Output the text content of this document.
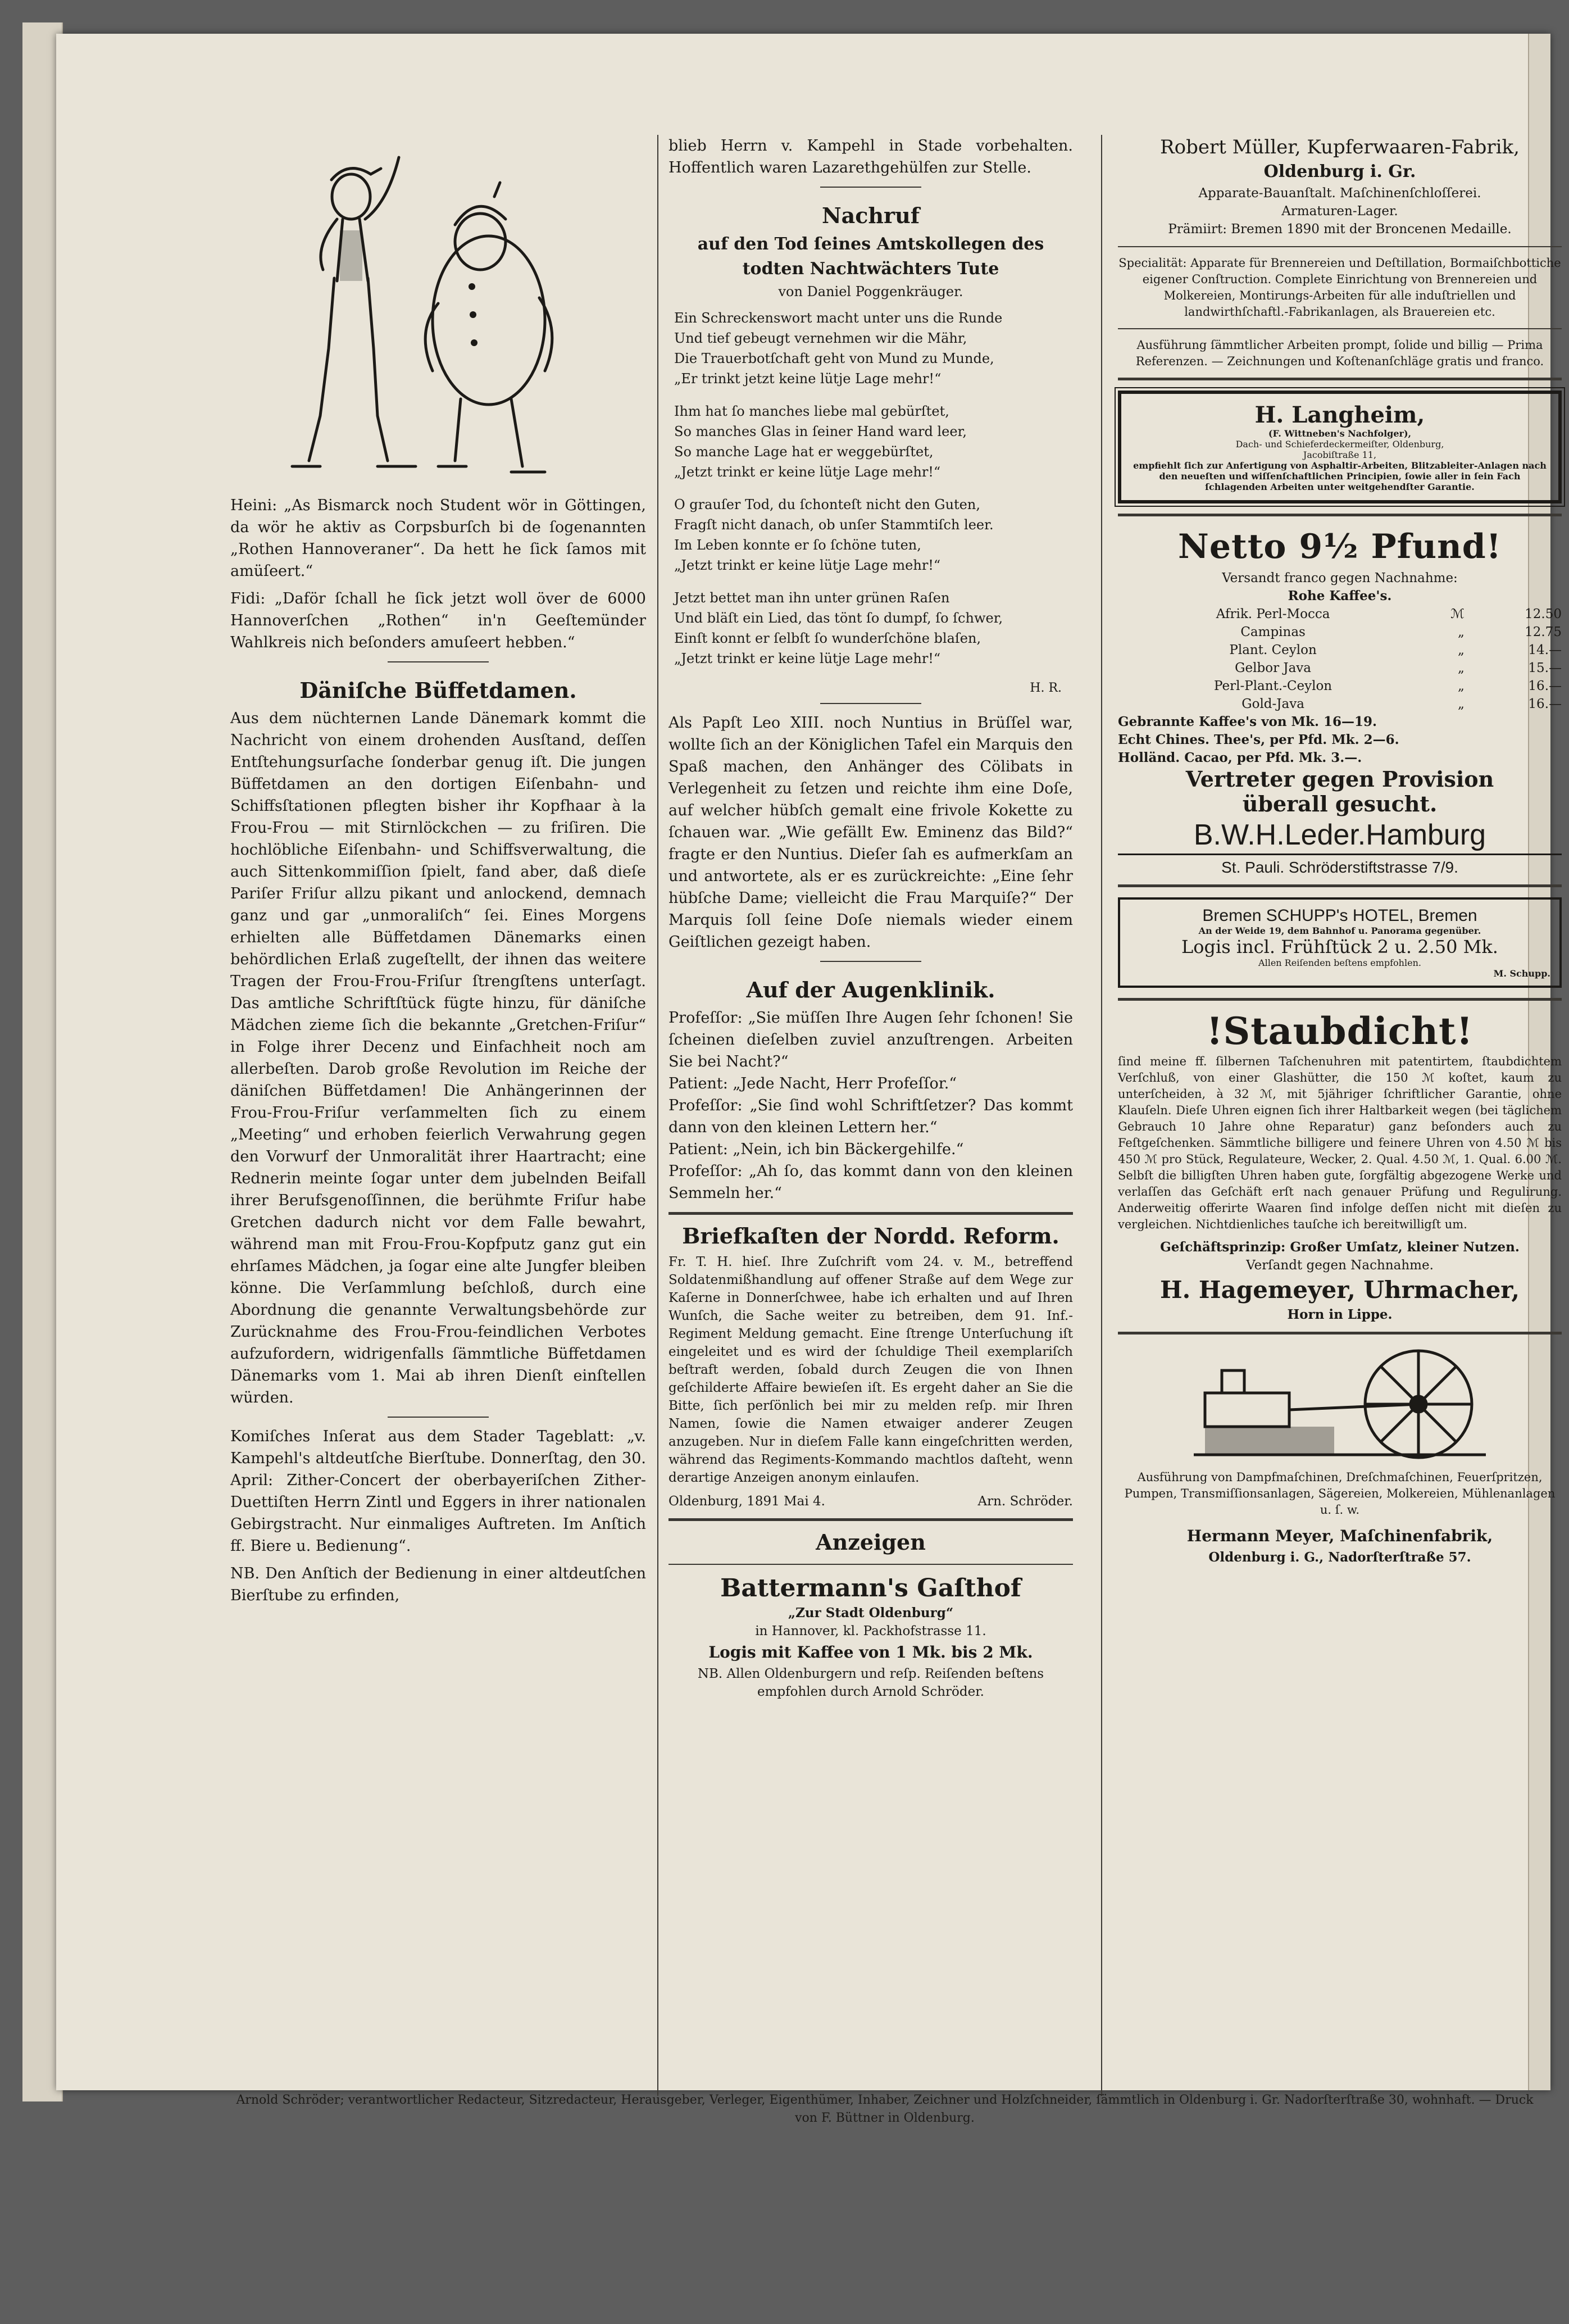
Heini: „As Bismarck noch Student wör in Göttingen, da wör he aktiv as Corpsburſch bi de ſogenannten „Rothen Hannoveraner“. Da hett he ſick ſamos mit amüſeert.“

Fidi: „Daför ſchall he ſick jetzt woll över de 6000 Hannoverſchen „Rothen“ in'n Geeſtemünder Wahlkreis nich beſonders amuſeert hebben.“

Däniſche Büffetdamen.

Aus dem nüchternen Lande Dänemark kommt die Nachricht von einem drohenden Ausſtand, deſſen Entſtehungsurſache ſonderbar genug iſt. Die jungen Büffetdamen an den dortigen Eiſenbahn- und Schiffsſtationen pflegten bisher ihr Kopfhaar à la Frou-Frou — mit Stirnlöckchen — zu friſiren. Die hochlöbliche Eiſenbahn- und Schiffsverwaltung, die auch Sittenkommiſſion ſpielt, fand aber, daß dieſe Pariſer Friſur allzu pikant und anlockend, demnach ganz und gar „unmoraliſch“ ſei. Eines Morgens erhielten alle Büffetdamen Dänemarks einen behördlichen Erlaß zugeſtellt, der ihnen das weitere Tragen der Frou-Frou-Friſur ſtrengſtens unterſagt. Das amtliche Schriftſtück fügte hinzu, für däniſche Mädchen zieme ſich die bekannte „Gretchen-Friſur“ in Folge ihrer Decenz und Einfachheit noch am allerbeſten. Darob große Revolution im Reiche der däniſchen Büffetdamen! Die Anhängerinnen der Frou-Frou-Friſur verſammelten ſich zu einem „Meeting“ und erhoben feierlich Verwahrung gegen den Vorwurf der Unmoralität ihrer Haartracht; eine Rednerin meinte ſogar unter dem jubelnden Beifall ihrer Berufsgenoſſinnen, die berühmte Friſur habe Gretchen dadurch nicht vor dem Falle bewahrt, während man mit Frou-Frou-Kopfputz ganz gut ein ehrſames Mädchen, ja ſogar eine alte Jungfer bleiben könne. Die Verſammlung beſchloß, durch eine Abordnung die genannte Verwaltungsbehörde zur Zurücknahme des Frou-Frou-feindlichen Verbotes aufzufordern, widrigenfalls ſämmtliche Büffetdamen Dänemarks vom 1. Mai ab ihren Dienſt einſtellen würden.

Komiſches Inſerat aus dem Stader Tageblatt: „v. Kampehl's altdeutſche Bierſtube. Donnerſtag, den 30. April: Zither-Concert der oberbayeriſchen Zither-Duettiſten Herrn Zintl und Eggers in ihrer nationalen Gebirgstracht. Nur einmaliges Auftreten. Im Anſtich ff. Biere u. Bedienung“.

NB. Den Anſtich der Bedienung in einer altdeutſchen Bierſtube zu erfinden,

blieb Herrn v. Kampehl in Stade vorbehalten. Hoffentlich waren Lazarethgehülfen zur Stelle.

Nachruf
auf den Tod ſeines Amtskollegen des
todten Nachtwächters Tute
von Daniel Poggenkräuger.
Ein Schreckenswort macht unter uns die Runde
Und tief gebeugt vernehmen wir die Mähr,
Die Trauerbotſchaft geht von Mund zu Munde,
„Er trinkt jetzt keine lütje Lage mehr!“
Ihm hat ſo manches liebe mal gebürſtet,
So manches Glas in ſeiner Hand ward leer,
So manche Lage hat er weggebürſtet,
„Jetzt trinkt er keine lütje Lage mehr!“
O grauſer Tod, du ſchonteſt nicht den Guten,
Fragſt nicht danach, ob unſer Stammtiſch leer.
Im Leben konnte er ſo ſchöne tuten,
„Jetzt trinkt er keine lütje Lage mehr!“
Jetzt bettet man ihn unter grünen Raſen
Und bläſt ein Lied, das tönt ſo dumpf, ſo ſchwer,
Einſt konnt er ſelbſt ſo wunderſchöne blaſen,
„Jetzt trinkt er keine lütje Lage mehr!“
H. R.

Als Papſt Leo XIII. noch Nuntius in Brüſſel war, wollte ſich an der Königlichen Tafel ein Marquis den Spaß machen, den Anhänger des Cölibats in Verlegenheit zu ſetzen und reichte ihm eine Doſe, auf welcher hübſch gemalt eine frivole Kokette zu ſchauen war. „Wie gefällt Ew. Eminenz das Bild?“ fragte er den Nuntius. Dieſer ſah es aufmerkſam an und antwortete, als er es zurückreichte: „Eine ſehr hübſche Dame; vielleicht die Frau Marquiſe?“ Der Marquis ſoll ſeine Doſe niemals wieder einem Geiſtlichen gezeigt haben.

Auf der Augenklinik.

Profeſſor: „Sie müſſen Ihre Augen ſehr ſchonen! Sie ſcheinen dieſelben zuviel anzuſtrengen. Arbeiten Sie bei Nacht?“

Patient: „Jede Nacht, Herr Profeſſor.“

Profeſſor: „Sie ſind wohl Schriftſetzer? Das kommt dann von den kleinen Lettern her.“

Patient: „Nein, ich bin Bäckergehilfe.“

Profeſſor: „Ah ſo, das kommt dann von den kleinen Semmeln her.“

Briefkaſten der Nordd. Reform.

Fr. T. H. hieſ. Ihre Zuſchrift vom 24. v. M., betreffend Soldatenmißhandlung auf offener Straße auf dem Wege zur Kaſerne in Donnerſchwee, habe ich erhalten und auf Ihren Wunſch, die Sache weiter zu betreiben, dem 91. Inf.-Regiment Meldung gemacht. Eine ſtrenge Unterſuchung iſt eingeleitet und es wird der ſchuldige Theil exemplariſch beſtraft werden, ſobald durch Zeugen die von Ihnen geſchilderte Affaire bewieſen iſt. Es ergeht daher an Sie die Bitte, ſich perſönlich bei mir zu melden reſp. mir Ihren Namen, ſowie die Namen etwaiger anderer Zeugen anzugeben. Nur in dieſem Falle kann eingeſchritten werden, während das Regiments-Kommando machtlos daſteht, wenn derartige Anzeigen anonym einlaufen.

Oldenburg, 1891 Mai 4.	Arn. Schröder.
Anzeigen
Battermann's Gaſthof
„Zur Stadt Oldenburg“
in Hannover, kl. Packhofstrasse 11.
Logis mit Kaffee von 1 Mk. bis 2 Mk.
NB. Allen Oldenburgern und reſp. Reiſenden beſtens empfohlen durch Arnold Schröder.
Robert Müller, Kupferwaaren-Fabrik,
Oldenburg i. Gr.
Apparate-Bauanſtalt. Maſchinenſchloſſerei.
Armaturen-Lager.
Prämiirt: Bremen 1890 mit der Broncenen Medaille.

Specialität: Apparate für Brennereien und Deſtillation, Bormaiſchbottiche eigener Conſtruction. Complete Einrichtung von Brennereien und Molkereien, Montirungs-Arbeiten für alle induſtriellen und landwirthſchaftl.-Fabrikanlagen, als Brauereien etc.

Ausführung ſämmtlicher Arbeiten prompt, ſolide und billig — Prima Referenzen. — Zeichnungen und Koſtenanſchläge gratis und franco.

H. Langheim,
(F. Wittneben's Nachfolger),
Dach- und Schieferdeckermeiſter, Oldenburg,
Jacobiſtraße 11,
empfiehlt ſich zur Anfertigung von Asphaltir-Arbeiten, Blitzableiter-Anlagen nach den neueſten und wiſſenſchaftlichen Principien, ſowie aller in ſein Fach ſchlagenden Arbeiten unter weitgehendſter Garantie.
Netto 9½ Pfund!
Versandt franco gegen Nachnahme:
Rohe Kaffee's.
Afrik. Perl-Mocca	ℳ	12.50
Campinas	„	12.75
Plant. Ceylon	„	14.—
Gelbor Java	„	15.—
Perl-Plant.-Ceylon	„	16.—
Gold-Java	„	16.—
Gebrannte Kaffee's von Mk. 16—19.
Echt Chines. Thee's, per Pfd. Mk. 2—6.
Holländ. Cacao, per Pfd. Mk. 3.—.
Vertreter gegen Provision
überall gesucht.
B.W.H.Leder.Hamburg
St. Pauli. Schröderstiftstrasse 7/9.
Bremen SCHUPP's HOTEL, Bremen
An der Weide 19, dem Bahnhof u. Panorama gegenüber.
Logis incl. Frühſtück 2 u. 2.50 Mk.
Allen Reiſenden beſtens empfohlen.
M. Schupp.
!Staubdicht!

ſind meine ff. ſilbernen Taſchenuhren mit patentirtem, ſtaubdichtem Verſchluß, von einer Glashütter, die 150 ℳ koſtet, kaum zu unterſcheiden, à 32 ℳ, mit 5jähriger ſchriftlicher Garantie, ohne Klauſeln. Dieſe Uhren eignen ſich ihrer Haltbarkeit wegen (bei täglichem Gebrauch 10 Jahre ohne Reparatur) ganz beſonders auch zu Feſtgeſchenken. Sämmtliche billigere und feinere Uhren von 4.50 ℳ bis 450 ℳ pro Stück, Regulateure, Wecker, 2. Qual. 4.50 ℳ, 1. Qual. 6.00 ℳ. Selbſt die billigſten Uhren haben gute, ſorgfältig abgezogene Werke und verlaſſen das Geſchäft erſt nach genauer Prüfung und Regulirung. Anderweitig offerirte Waaren ſind infolge deſſen nicht mit dieſen zu vergleichen. Nichtdienliches tauſche ich bereitwilligſt um.

Geſchäftsprinzip: Großer Umſatz, kleiner Nutzen.
Verſandt gegen Nachnahme.
H. Hagemeyer, Uhrmacher,
Horn in Lippe.

Ausführung von Dampfmaſchinen, Dreſchmaſchinen, Feuerſpritzen, Pumpen, Transmiſſionsanlagen, Sägereien, Molkereien, Mühlenanlagen u. ſ. w.

Hermann Meyer, Maſchinenfabrik,
Oldenburg i. G., Nadorſterſtraße 57.
Arnold Schröder; verantwortlicher Redacteur, Sitzredacteur, Herausgeber, Verleger, Eigenthümer, Inhaber, Zeichner und Holzſchneider, ſämmtlich in Oldenburg i. Gr. Nadorſterſtraße 30, wohnhaft. — Druck von F. Büttner in Oldenburg.
